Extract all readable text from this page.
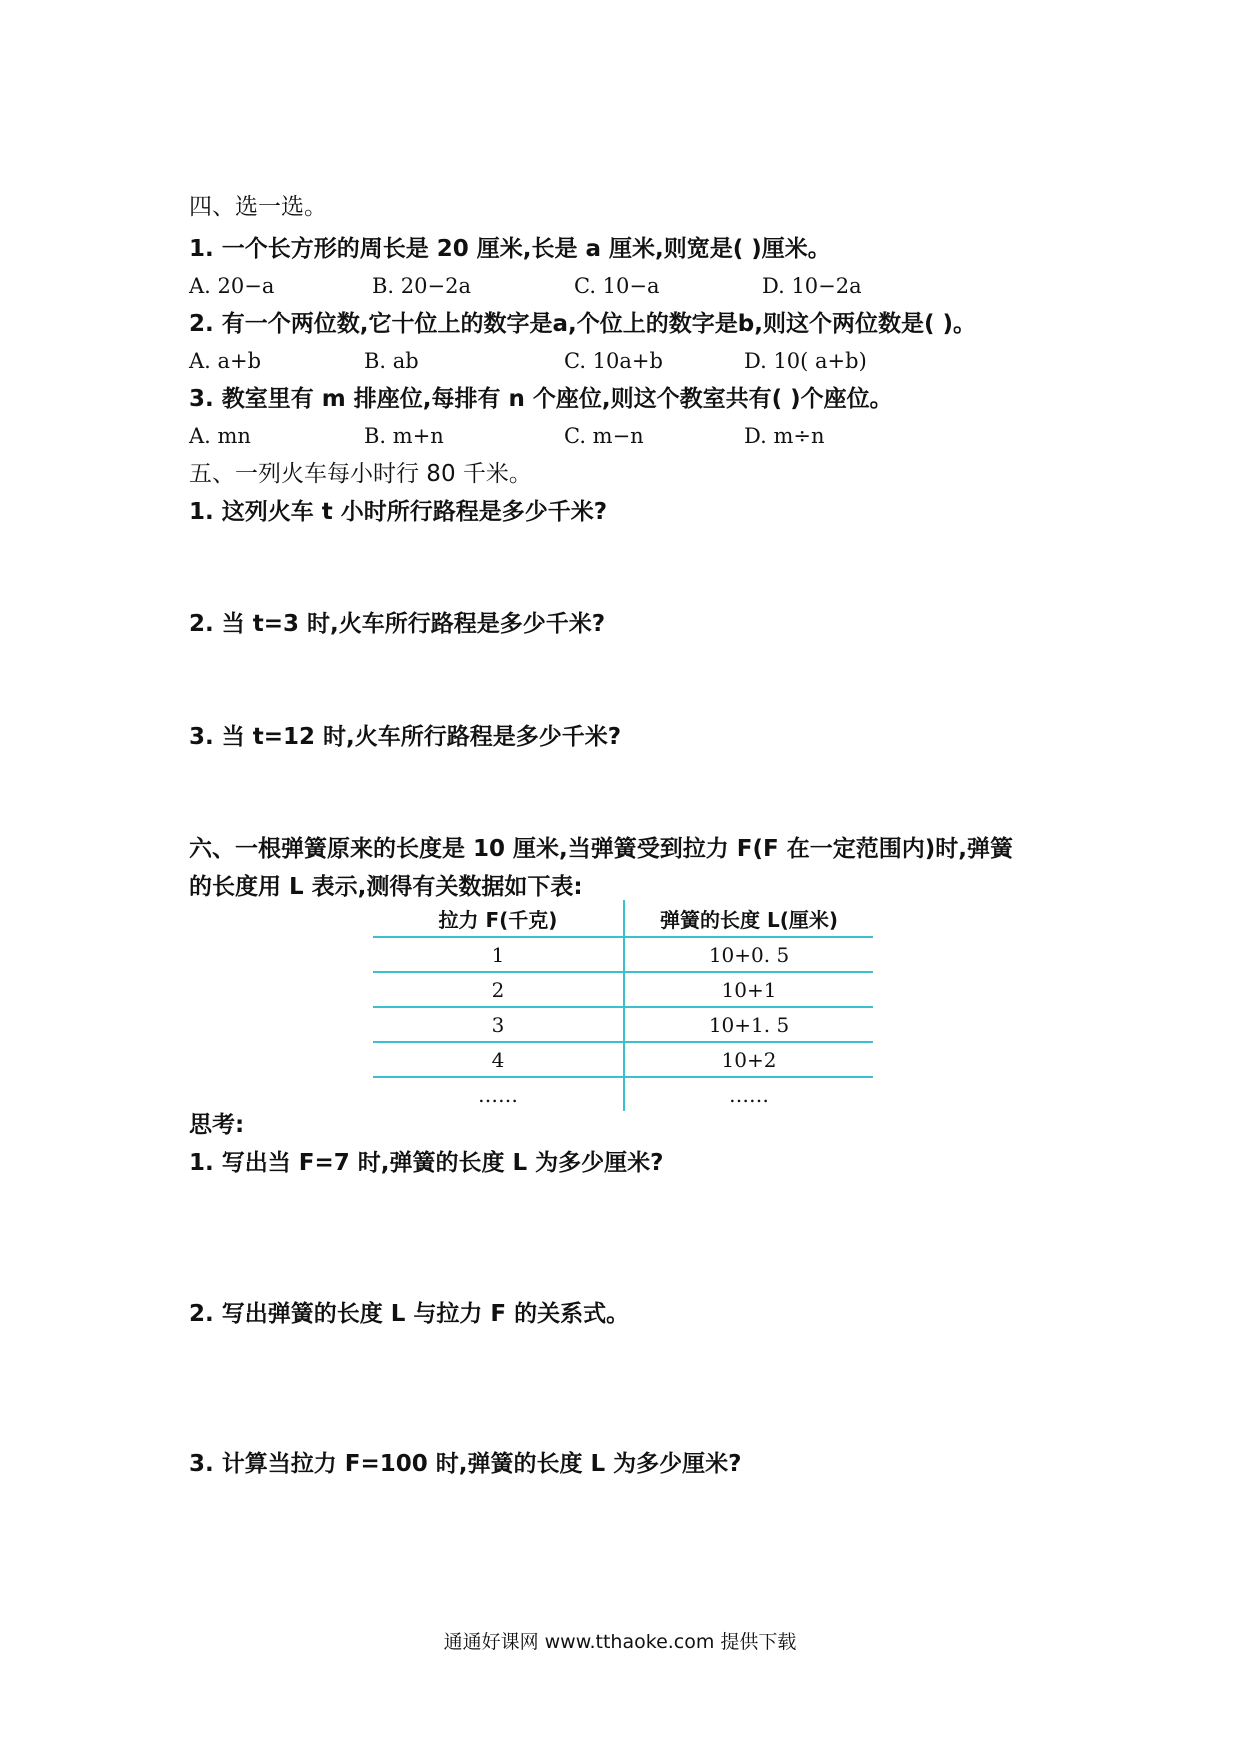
四、选一选。
1. 一个长方形的周长是 20 厘米,长是 a 厘米,则宽是( )厘米。
A. 20−a	B. 20−2a	C. 10−a	D. 10−2a
2. 有一个两位数,它十位上的数字是a,个位上的数字是b,则这个两位数是( )。
A. a+b	B. ab	C. 10a+b	D. 10( a+b)
3. 教室里有 m 排座位,每排有 n 个座位,则这个教室共有( )个座位。
A. mn	B. m+n	C. m−n	D. m÷n
五、一列火车每小时行 80 千米。
1. 这列火车 t 小时所行路程是多少千米?
2. 当 t=3 时,火车所行路程是多少千米?
3. 当 t=12 时,火车所行路程是多少千米?
六、一根弹簧原来的长度是 10 厘米,当弹簧受到拉力 F(F 在一定范围内)时,弹簧
的长度用 L 表示,测得有关数据如下表:
拉力 F(千克)	弹簧的长度 L(厘米)
1	10+0. 5
2	10+1
3	10+1. 5
4	10+2
……	……
思考:
1. 写出当 F=7 时,弹簧的长度 L 为多少厘米?
2. 写出弹簧的长度 L 与拉力 F 的关系式。
3. 计算当拉力 F=100 时,弹簧的长度 L 为多少厘米?
通通好课网 www.tthaoke.com 提供下载
